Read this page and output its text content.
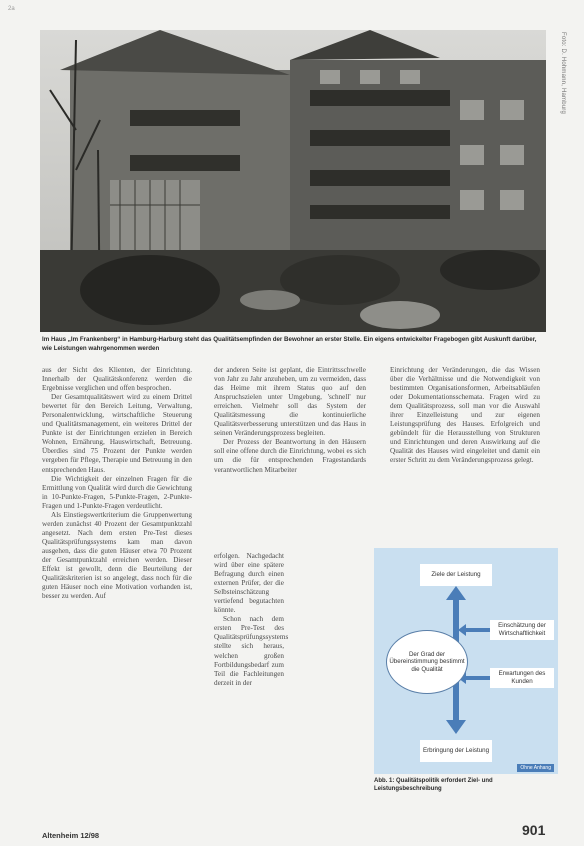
2a
Foto: D. Hohmann, Hamburg
Im Haus „Im Frankenberg“ in Hamburg-Harburg steht das Qualitätsempfinden der Bewohner an erster Stelle. Ein eigens entwickelter Fragebogen gibt Auskunft darüber, wie Leistungen wahrgenommen werden

aus der Sicht des Klienten, der Einrichtung. Innerhalb der Qualitätskonferenz werden die Ergebnisse verglichen und offen besprochen.

Der Gesamtqualitätswert wird zu einem Drittel bewertet für den Bereich Leitung, Verwaltung, Personalentwicklung, wirtschaftliche Steuerung und Qualitätsmanagement, ein weiteres Drittel der Punkte ist der Einrichtungen erzielen in Bereich Wohnen, Ernährung, Hauswirtschaft, Betreuung. Überdies sind 75 Prozent der Punkte werden vergeben für Pflege, Therapie und Betreuung in den entsprechenden Haus.

Die Wichtigkeit der einzelnen Fragen für die Ermittlung von Qualität wird durch die Gewichtung in 10-Punkte-Fragen, 5-Punkte-Fragen, 2-Punkte-Fragen und 1-Punkte-Fragen verdeutlicht.

Als Einstiegswertkriterium die Gruppenwertung werden zunächst 40 Prozent der Gesamtpunktzahl angesetzt. Nach dem ersten Pre-Test dieses Qualitätsprüfungssystems kam man davon ausgehen, dass die guten Häuser etwa 70 Prozent der Gesamtpunktzahl erreichen werden. Dieser Effekt ist gewollt, denn die Beurteilung der Qualitätskriterien ist so angelegt, dass noch für die guten Häuser noch eine Motivation vorhanden ist, besser zu werden. Auf

der anderen Seite ist geplant, die Eintrittsschwelle von Jahr zu Jahr anzuheben, um zu vermeiden, dass das Heime mit ihrem Status quo auf den Anspruchszielen unter Umgebung, 'schnell' nur erreichen. Vielmehr soll das System der Qualitätsmessung die kontinuierliche Qualitätsverbesserung unterstützen und das Haus in seinen Veränderungsprozess begleiten.

Der Prozess der Beantwortung in den Häusern soll eine offene durch die Einrichtung, wobei es sich um die für entsprechenden Fragestandards verantwortlichen Mitarbeiter

erfolgen. Nachgedacht wird über eine spätere Befragung durch einen externen Prüfer, der die Selbsteinschätzung vertiefend begutachten könnte.

Schon nach dem ersten Pre-Test des Qualitätsprüfungssystems stellte sich heraus, welchen großen Fortbildungsbedarf zum Teil die Fachleitungen derzeit in der

Einrichtung der Veränderungen, die das Wissen über die Verhältnisse und die Notwendigkeit von bestimmten Organisationsformen, Arbeitsabläufen oder Dokumentationsschemata. Fragen wird zu dem Qualitätsprozess, soll man vor die Auswahl ihrer Einzelleistung und zur eigenen Leistungsprüfung des Hauses. Erfolgreich und gebündelt für die Herausstellung von Strukturen und Einrichtungen und deren Auswirkung auf die Qualität des Hauses wird eingeleitet und damit ein erster Schritt zu dem Veränderungsprozess gelegt.

Ziele der Leistung
Einschätzung der Wirtschaftlichkeit
Erwartungen des Kunden
Der Grad der Übereinstimmung bestimmt die Qualität
Erbringung der Leistung
Ohne Anhang
Abb. 1: Qualitätspolitik erfordert Ziel- und Leistungsbeschreibung
Altenheim 12/98	901
